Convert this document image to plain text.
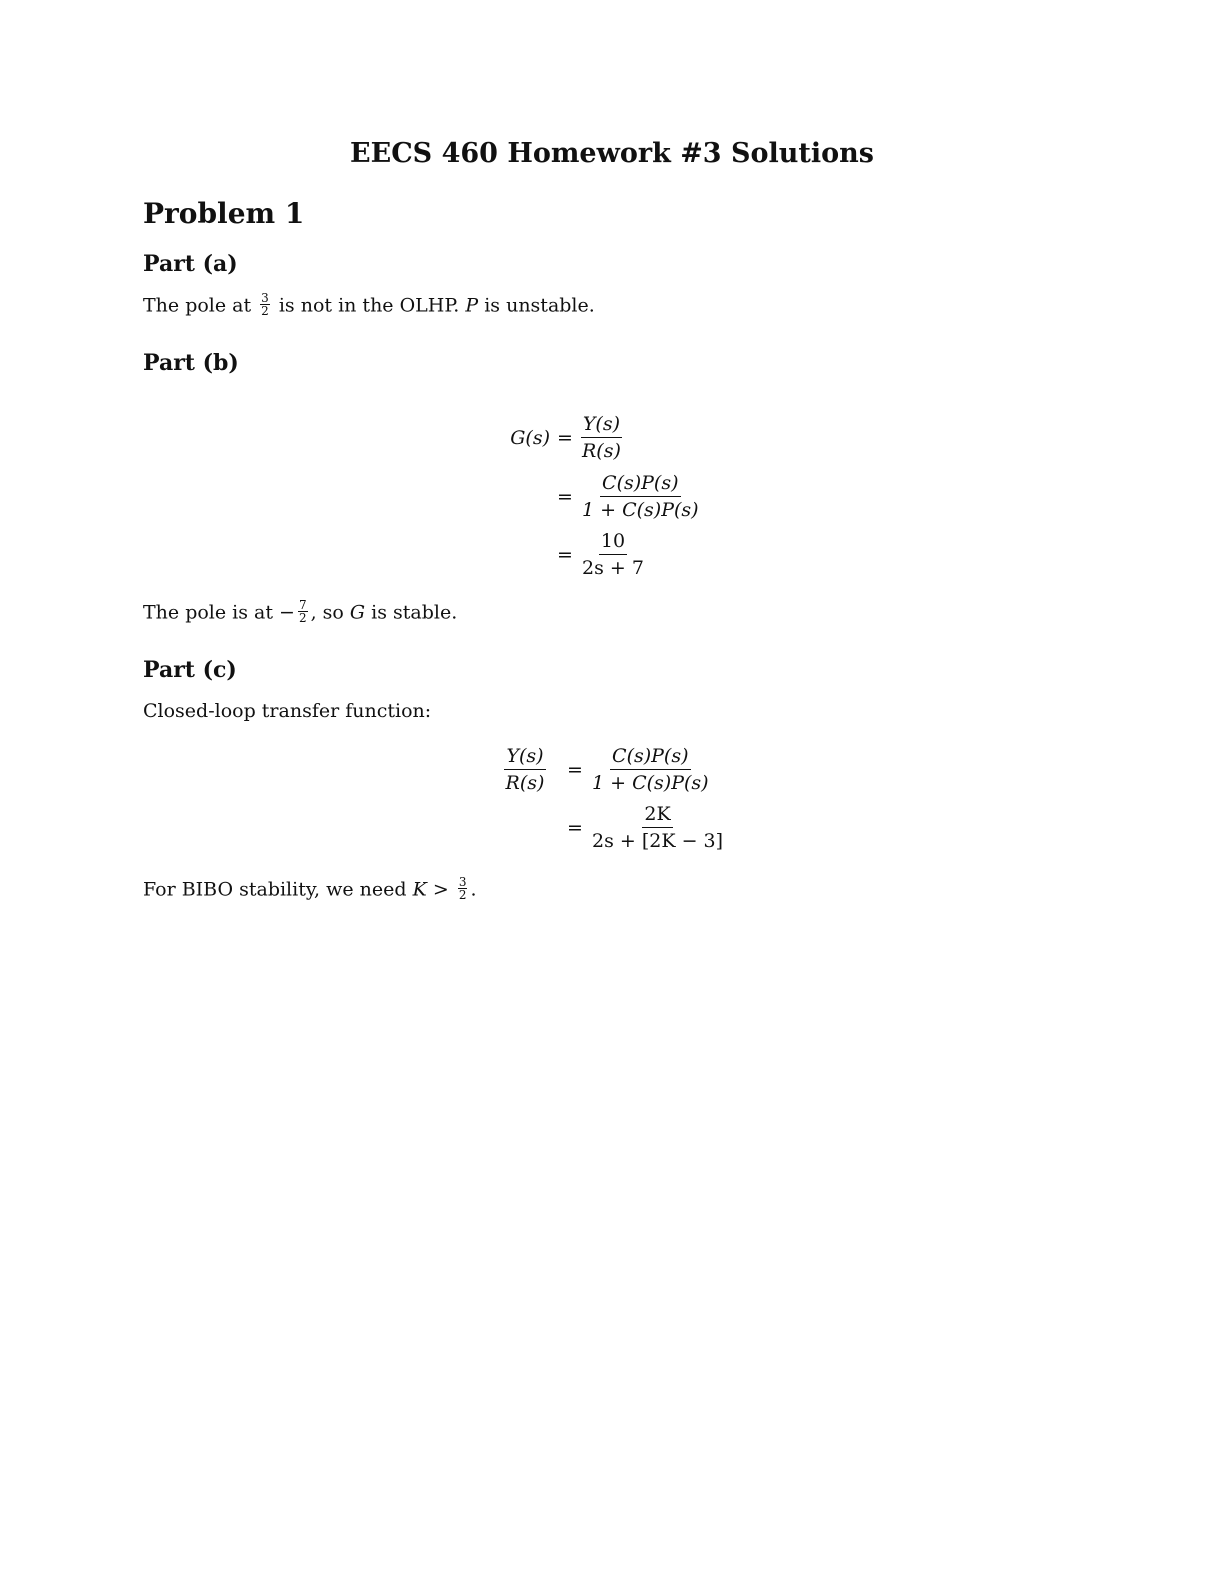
EECS 460 Homework #3 Solutions
Problem 1
Part (a)
The pole at $\frac{3}{2}$ is not in the OLHP. P is unstable.
Part (b)
$G(s) = \frac{Y(s)}{R(s)}$
= $\frac{C(s)P(s)}{1 + C(s)P(s)}$
= $\frac{10}{2s + 7}$
The pole is at − $\frac{7}{2}$ , so G is stable.
Part (c)
Closed-loop transfer function:
$\frac{Y(s)}{R(s)} = \frac{C(s)P(s)}{1 + C(s)P(s)}$
= $\frac{2K}{2s + [2K - 3]}$
For BIBO stability, we need $K > \frac{3}{2}$ .
